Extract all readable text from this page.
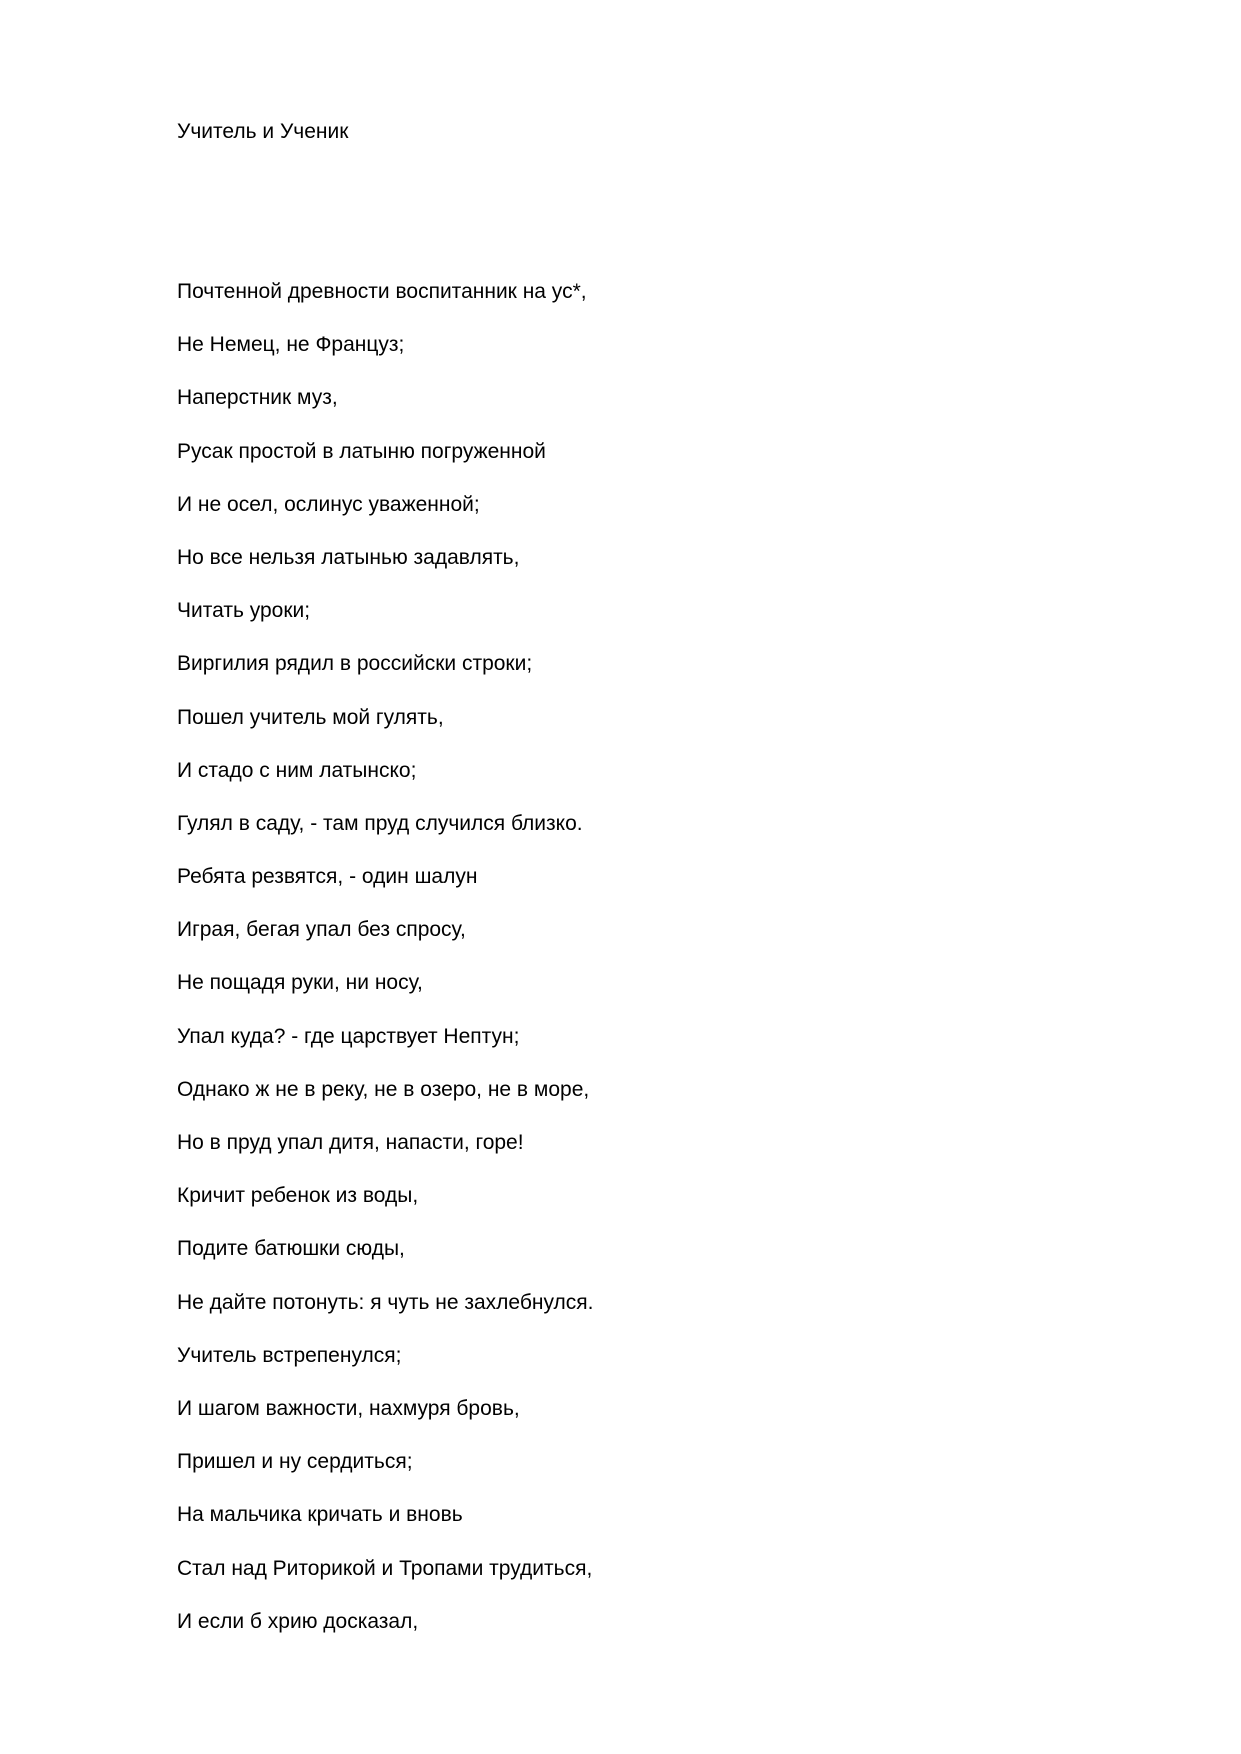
Учитель и Ученик
Почтенной древности воспитанник на ус*,
Не Немец, не Француз;
Наперстник муз,
Русак простой в латыню погруженной
И не осел, ослинус уваженной;
Но все нельзя латынью задавлять,
Читать уроки;
Виргилия рядил в российски строки;
Пошел учитель мой гулять,
И стадо с ним латынско;
Гулял в саду, - там пруд случился близко.
Ребята резвятся, - один шалун
Играя, бегая упал без спросу,
Не пощадя руки, ни носу,
Упал куда? - где царствует Нептун;
Однако ж не в реку, не в озеро, не в море,
Но в пруд упал дитя, напасти, горе!
Кричит ребенок из воды,
Подите батюшки сюды,
Не дайте потонуть: я чуть не захлебнулся.
Учитель встрепенулся;
И шагом важности, нахмуря бровь,
Пришел и ну сердиться;
На мальчика кричать и вновь
Стал над Риторикой и Тропами трудиться,
И если б хрию досказал,
